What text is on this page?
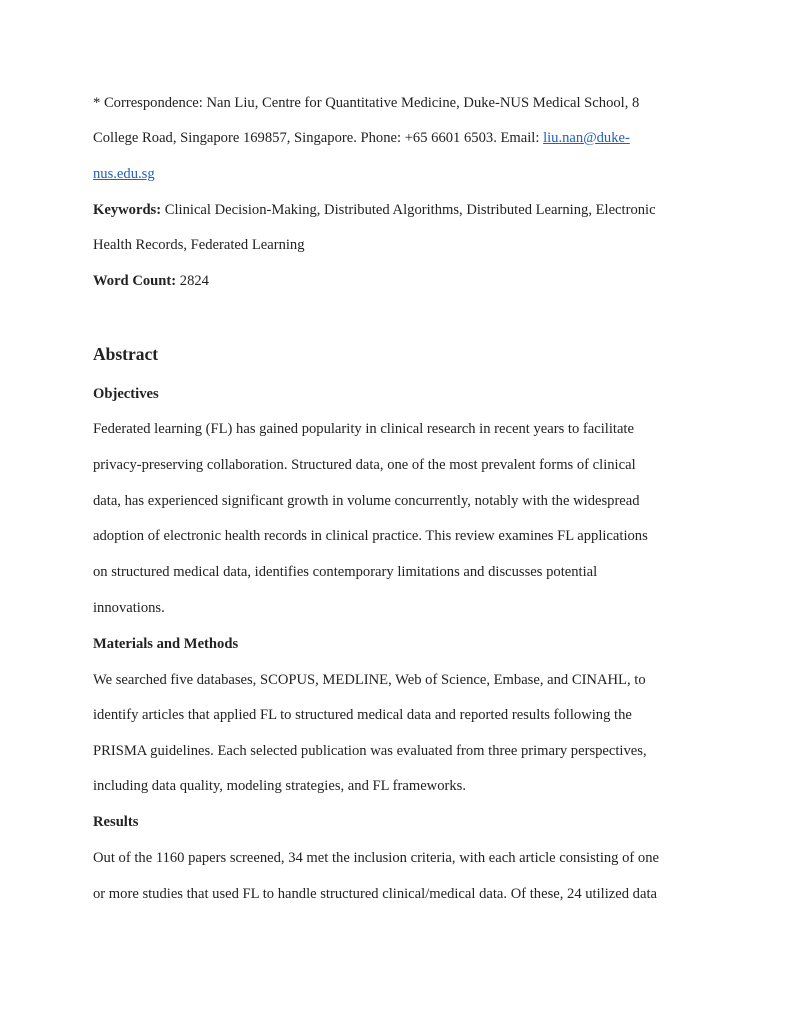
* Correspondence: Nan Liu, Centre for Quantitative Medicine, Duke-NUS Medical School, 8
College Road, Singapore 169857, Singapore. Phone: +65 6601 6503. Email: liu.nan@duke-
nus.edu.sg
Keywords: Clinical Decision-Making, Distributed Algorithms, Distributed Learning, Electronic
Health Records, Federated Learning
Word Count: 2824
Abstract
Objectives
Federated learning (FL) has gained popularity in clinical research in recent years to facilitate
privacy-preserving collaboration. Structured data, one of the most prevalent forms of clinical
data, has experienced significant growth in volume concurrently, notably with the widespread
adoption of electronic health records in clinical practice. This review examines FL applications
on structured medical data, identifies contemporary limitations and discusses potential
innovations.
Materials and Methods
We searched five databases, SCOPUS, MEDLINE, Web of Science, Embase, and CINAHL, to
identify articles that applied FL to structured medical data and reported results following the
PRISMA guidelines. Each selected publication was evaluated from three primary perspectives,
including data quality, modeling strategies, and FL frameworks.
Results
Out of the 1160 papers screened, 34 met the inclusion criteria, with each article consisting of one
or more studies that used FL to handle structured clinical/medical data. Of these, 24 utilized data
